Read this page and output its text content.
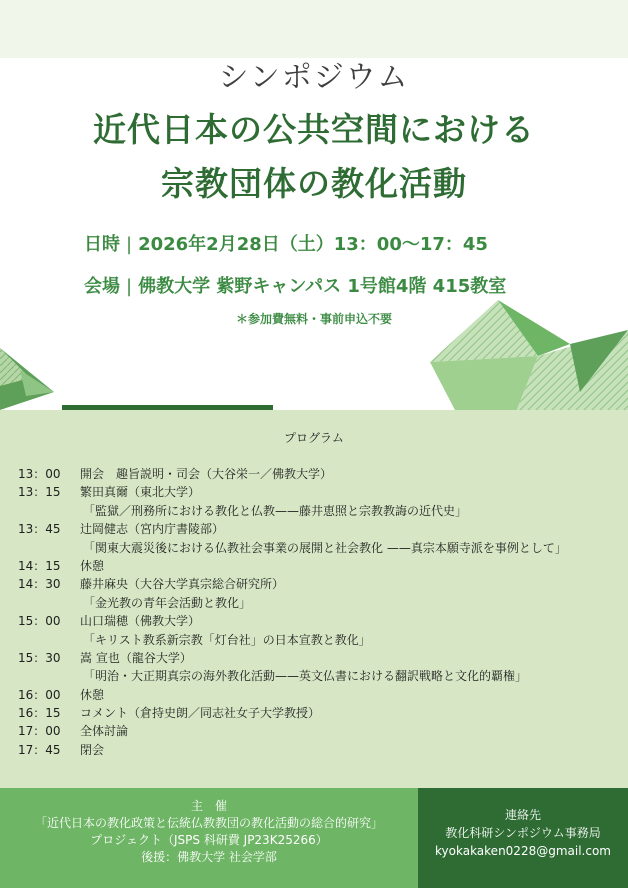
シンポジウム
近代日本の公共空間における
宗教団体の教化活動
日時 | 2026年2月28日（土）13：00〜17：45
会場 | 佛教大学 紫野キャンパス 1号館4階 415教室
＊参加費無料・事前申込不要
プログラム
13：00 開会　趣旨説明・司会（大谷栄一／佛教大学）
13：15 繁田真爾（東北大学）
「監獄／刑務所における教化と仏教——藤井恵照と宗教教誨の近代史」
13：45 辻岡健志（宮内庁書陵部）
「関東大震災後における仏教社会事業の展開と社会教化 ——真宗本願寺派を事例として」
14：15 休憩
14：30 藤井麻央（大谷大学真宗総合研究所）
「金光教の青年会活動と教化」
15：00 山口瑞穂（佛教大学）
「キリスト教系新宗教「灯台社」の日本宣教と教化」
15：30 嵩 宣也（龍谷大学）
「明治・大正期真宗の海外教化活動——英文仏書における翻訳戦略と文化的覇権」
16：00 休憩
16：15 コメント（倉持史朗／同志社女子大学教授）
17：00 全体討論
17：45 閉会
主　催
「近代日本の教化政策と伝統仏教教団の教化活動の総合的研究」
プロジェクト（JSPS 科研費 JP23K25266）
後援：佛教大学 社会学部
連絡先
教化科研シンポジウム事務局
kyokakaken0228@gmail.com
